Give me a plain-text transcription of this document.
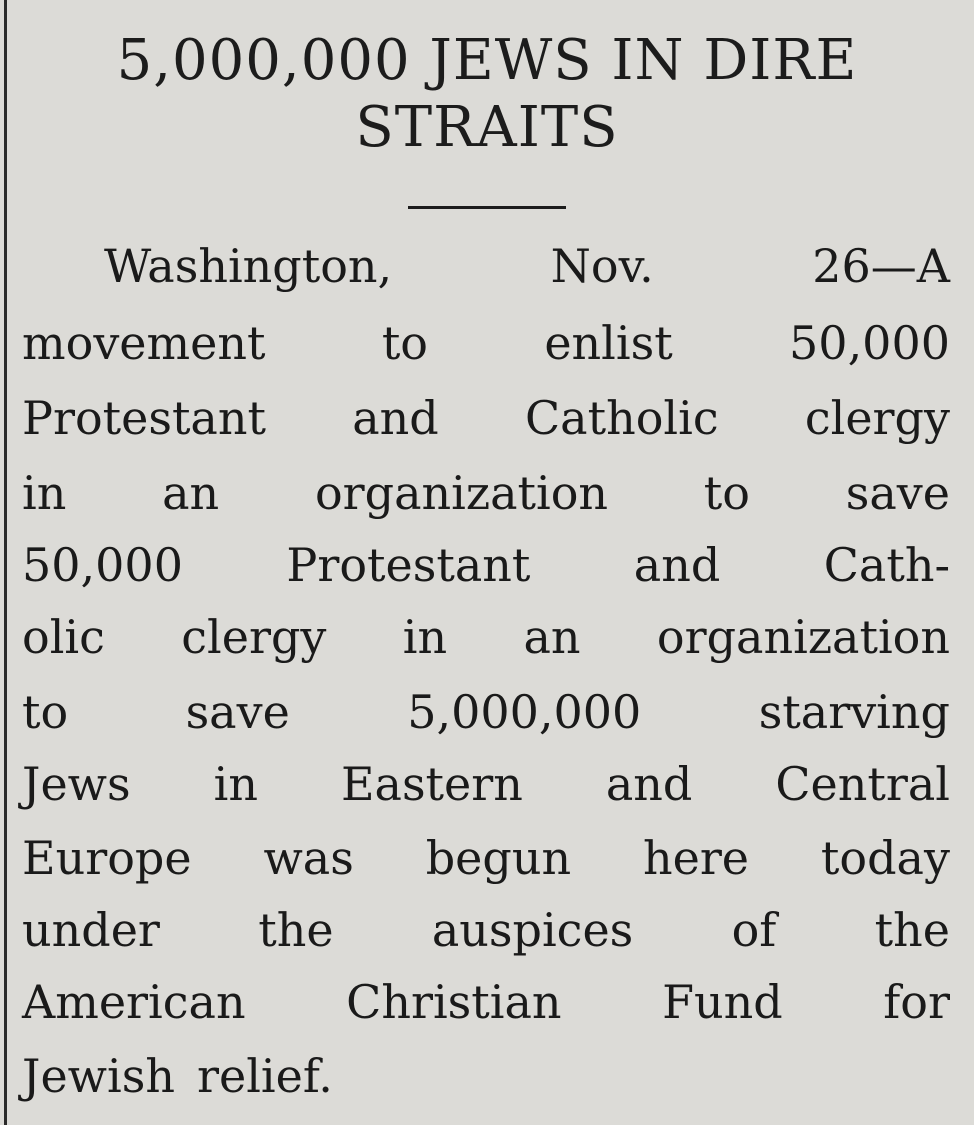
5,000,000 JEWS IN DIRE
STRAITS
Washington,	Nov.	26—A
movement	to	enlist	50,000
Protestant and Catholic clergy
in an organization to save
50,000 Protestant and Cath-
olic clergy in an organization
to	save	5,000,000	starving
Jews in Eastern and Central
Europe was begun here today
under the auspices of the
American Christian Fund for
Jewish relief.
